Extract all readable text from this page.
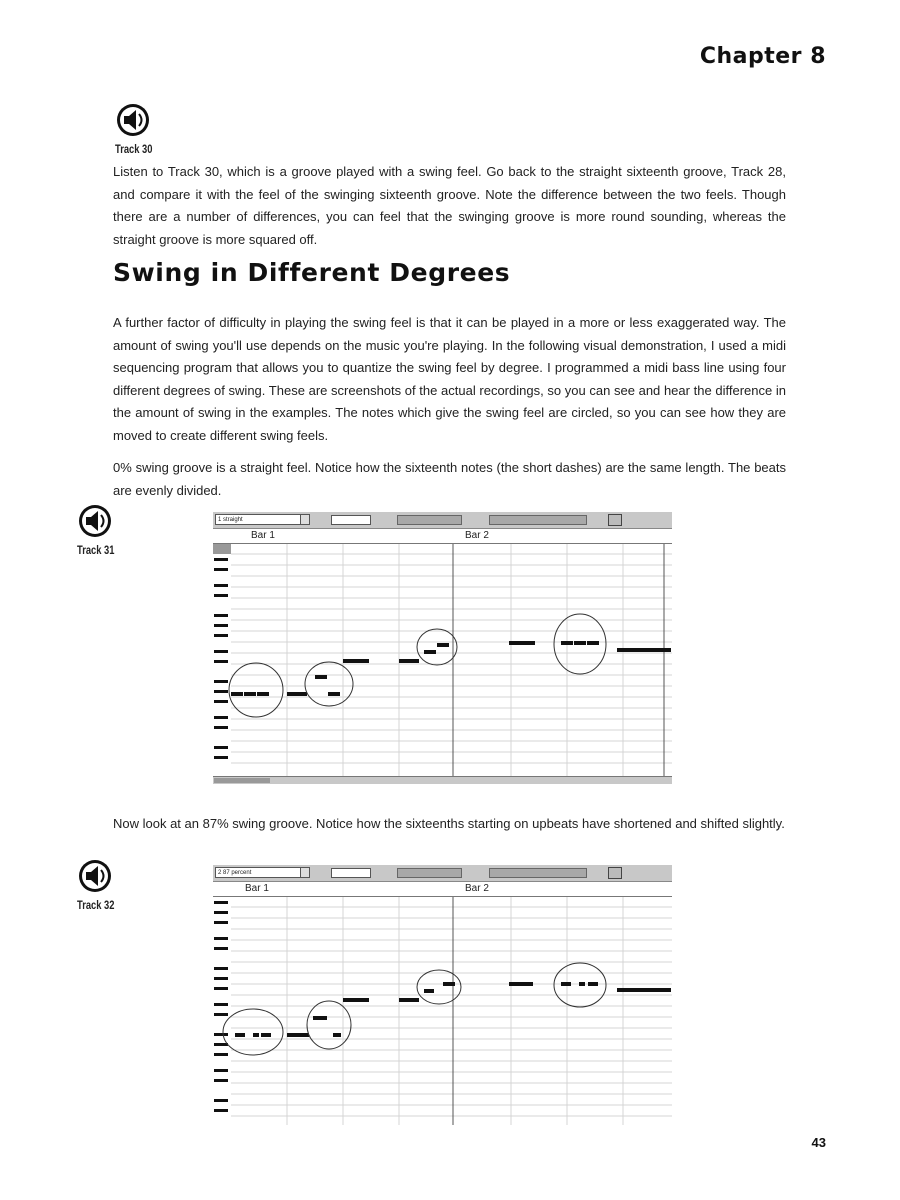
Chapter 8
Track 30
Listen to Track 30, which is a groove played with a swing feel. Go back to the straight sixteenth groove, Track 28, and compare it with the feel of the swinging sixteenth groove. Note the difference between the two feels. Though there are a number of differences, you can feel that the swinging groove is more round sounding, whereas the straight groove is more squared off.
Swing in Different Degrees
A further factor of difficulty in playing the swing feel is that it can be played in a more or less exaggerated way. The amount of swing you'll use depends on the music you're playing. In the following visual demonstration, I used a midi sequencing program that allows you to quantize the swing feel by degree. I programmed a midi bass line using four different degrees of swing. These are screenshots of the actual recordings, so you can see and hear the difference in the amount of swing in the examples. The notes which give the swing feel are circled, so you can see how they are moved to create different swing feels.
0% swing groove is a straight feel. Notice how the sixteenth notes (the short dashes) are the same length. The beats are evenly divided.
Track 31
1 straight
Bar 1	Bar 2
Now look at an 87% swing groove. Notice how the sixteenths starting on upbeats have shortened and shifted slightly.
Track 32
2 87 percent
Bar 1	Bar 2
43
